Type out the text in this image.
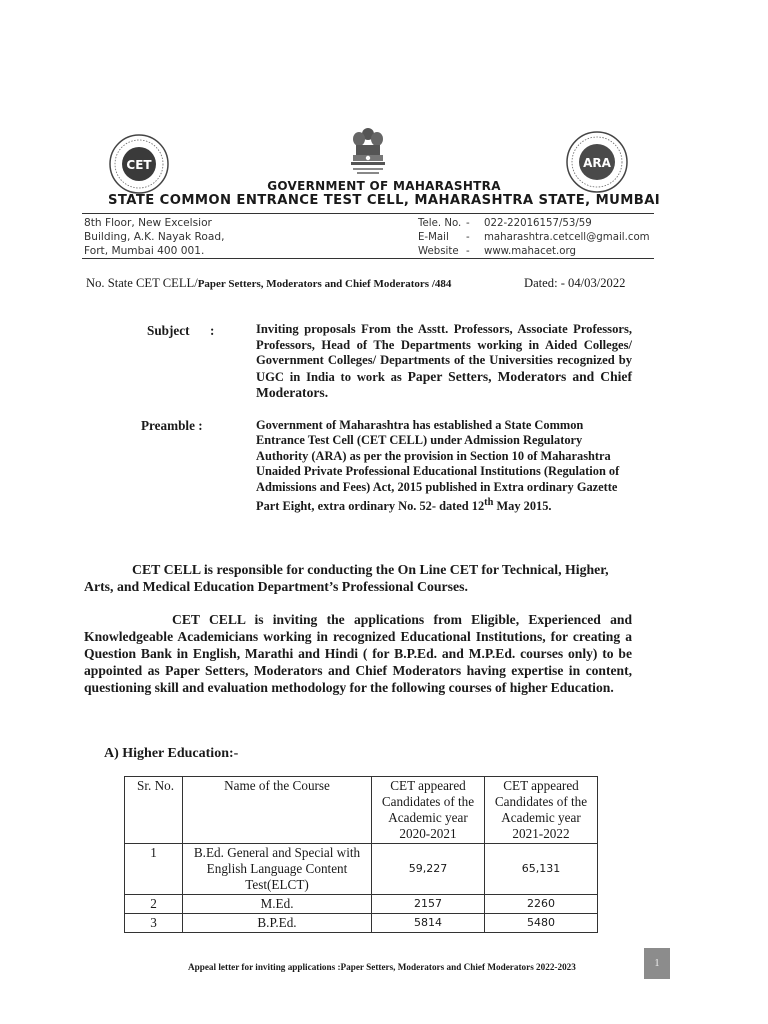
CET	ARA
GOVERNMENT OF MAHARASHTRA
STATE COMMON ENTRANCE TEST CELL, MAHARASHTRA STATE, MUMBAI
8th Floor, New Excelsior
Building, A.K. Nayak Road,
Fort, Mumbai 400 001.
Tele. No. - 022-22016157/53/59
E-Mail - maharashtra.cetcell@gmail.com
Website - www.mahacet.org
No. State CET CELL/Paper Setters, Moderators and Chief Moderators /484	Dated: - 04/03/2022
Subject :	Inviting proposals From the Asstt. Professors, Associate Professors, Professors, Head of The Departments working in Aided Colleges/ Government Colleges/ Departments of the Universities recognized by UGC in India to work as Paper Setters, Moderators and Chief Moderators.
Preamble :	Government of Maharashtra has established a State Common Entrance Test Cell (CET CELL) under Admission Regulatory Authority (ARA) as per the provision in Section 10 of Maharashtra Unaided Private Professional Educational Institutions (Regulation of Admissions and Fees) Act, 2015 published in Extra ordinary Gazette Part Eight, extra ordinary No. 52- dated 12th May 2015.
CET CELL is responsible for conducting the On Line CET for Technical, Higher, Arts, and Medical Education Department’s Professional Courses.
CET CELL is inviting the applications from Eligible, Experienced and Knowledgeable Academicians working in recognized Educational Institutions, for creating a Question Bank in English, Marathi and Hindi ( for B.P.Ed. and M.P.Ed. courses only) to be appointed as Paper Setters, Moderators and Chief Moderators having expertise in content, questioning skill and evaluation methodology for the following courses of higher Education.
A) Higher Education:-
Sr. No.	Name of the Course	CET appeared Candidates of the Academic year 2020-2021	CET appeared Candidates of the Academic year 2021-2022
1	B.Ed. General and Special with English Language Content Test(ELCT)	59,227	65,131
2	M.Ed.	2157	2260
3	B.P.Ed.	5814	5480
Appeal letter for inviting applications :Paper Setters, Moderators and Chief Moderators 2022-2023	1
